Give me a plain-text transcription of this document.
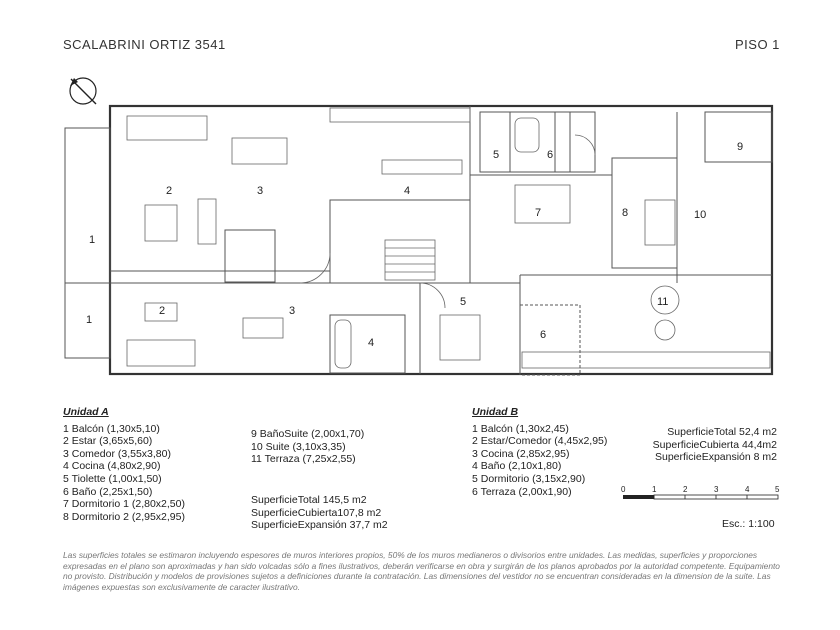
SCALABRINI ORTIZ 3541	PISO 1
1
2	3	4
5	6
7	8
9
10
11
1
2	3
4
5
6
Unidad A
1 Balcón (1,30x5,10)
2 Estar (3,65x5,60)
3 Comedor (3,55x3,80)
4 Cocina (4,80x2,90)
5 Tiolette (1,00x1,50)
6 Baño (2,25x1,50)
7 Dormitorio 1 (2,80x2,50)
8 Dormitorio 2 (2,95x2,95)
9 BañoSuite (2,00x1,70)
10 Suite (3,10x3,35)
11 Terraza (7,25x2,55)
SuperficieTotal 145,5 m2
SuperficieCubierta107,8 m2
SuperficieExpansión 37,7 m2
Unidad B
1 Balcón (1,30x2,45)
2 Estar/Comedor (4,45x2,95)
3 Cocina (2,85x2,95)
4 Baño (2,10x1,80)
5 Dormitorio (3,15x2,90)
6 Terraza (2,00x1,90)
SuperficieTotal 52,4 m2
SuperficieCubierta 44,4m2
SuperficieExpansión 8 m2
0	1	2	3	4	5
Esc.: 1:100
Las superficies totales se estimaron incluyendo espesores de muros interiores propios, 50% de los muros medianeros o divisorios entre unidades. Las medidas, superficies y proporciones expresadas en el plano son aproximadas y han sido volcadas sólo a fines ilustrativos, deberán verificarse en obra y surgirán de los planos aprobados por la autoridad competente. Equipamiento no provisto. Distribución y modelos de provisiones sujetos a definiciones durante la contratación. Las dimensiones del vestidor no se encuentran consideradas en la dimension de la suite. Las imágenes expuestas son exclusivamente de caracter ilustrativo.
